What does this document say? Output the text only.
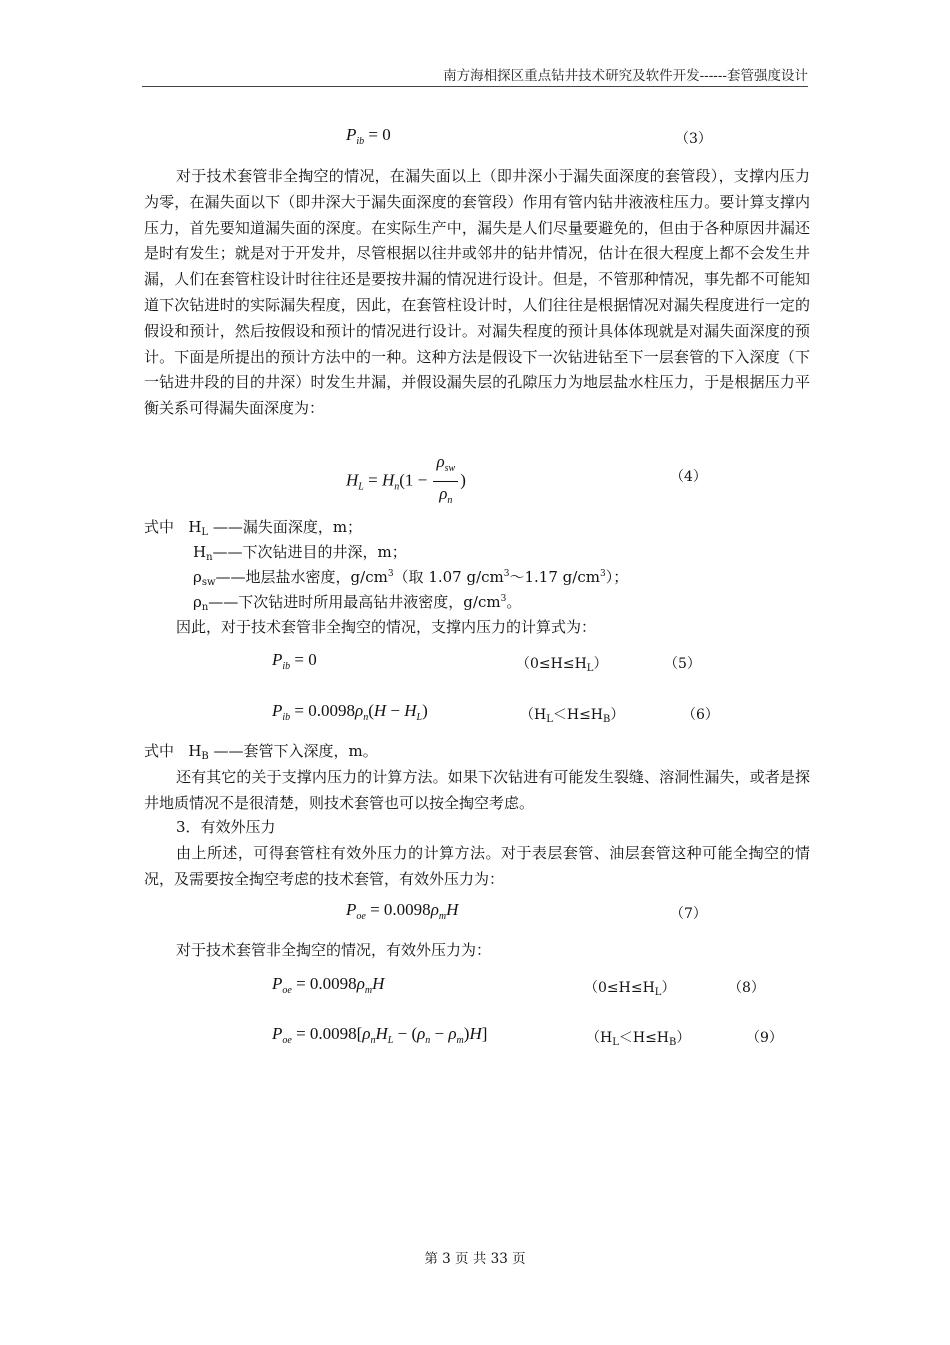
南方海相探区重点钻井技术研究及软件开发------套管强度设计
$P_{ib} = 0$	（3）

对于技术套管非全掏空的情况，在漏失面以上（即井深小于漏失面深度的套管段），支撑内压力为零，在漏失面以下（即井深大于漏失面深度的套管段）作用有管内钻井液液柱压力。要计算支撑内压力，首先要知道漏失面的深度。在实际生产中，漏失是人们尽量要避免的，但由于各种原因井漏还是时有发生；就是对于开发井，尽管根据以往井或邻井的钻井情况，估计在很大程度上都不会发生井漏，人们在套管柱设计时往往还是要按井漏的情况进行设计。但是，不管那种情况，事先都不可能知道下次钻进时的实际漏失程度，因此，在套管柱设计时，人们往往是根据情况对漏失程度进行一定的假设和预计，然后按假设和预计的情况进行设计。对漏失程度的预计具体体现就是对漏失面深度的预计。下面是所提出的预计方法中的一种。这种方法是假设下一次钻进钻至下一层套管的下入深度（下一钻进井段的目的井深）时发生井漏，并假设漏失层的孔隙压力为地层盐水柱压力，于是根据压力平衡关系可得漏失面深度为：

$H_L = H_n(1 - \frac{\rho_{sw}}{\rho_n}$ )	（4）
式中   $H_L$ ——漏失面深度，m；
$H_n——$下次钻进目的井深，m；
$\rho_{sw}——$地层盐水密度，$g/cm^3$（取 1.07 $g/cm^3\sim 1.17$ $g/cm^3$）；
$\rho_n——$下次钻进时所用最高钻井液密度，$g/cm^3$。
因此，对于技术套管非全掏空的情况，支撑内压力的计算式为：
$P_{ib} = 0$	$(0\le H\le H_L)$	（5）
$P_{ib} = 0.0098\rho_n(H - H_L)$	$(H_L<H\le H_B)$	（6）
式中   $H_B$ ——套管下入深度，m。

还有其它的关于支撑内压力的计算方法。如果下次钻进有可能发生裂缝、溶洞性漏失，或者是探井地质情况不是很清楚，则技术套管也可以按全掏空考虑。

3．有效外压力

由上所述，可得套管柱有效外压力的计算方法。对于表层套管、油层套管这种可能全掏空的情况，及需要按全掏空考虑的技术套管，有效外压力为：

$P_{oe} = 0.0098\rho_mH$	（7）
对于技术套管非全掏空的情况，有效外压力为：
$P_{oe} = 0.0098\rho_mH$	$(0\le H\le H_L)$	（8）
$P_{oe} = 0.0098[\rho_nH_L - (\rho_n - \rho_m)H]$	$(H_L<H\le H_B)$	（9）
第 3 页 共 33 页
